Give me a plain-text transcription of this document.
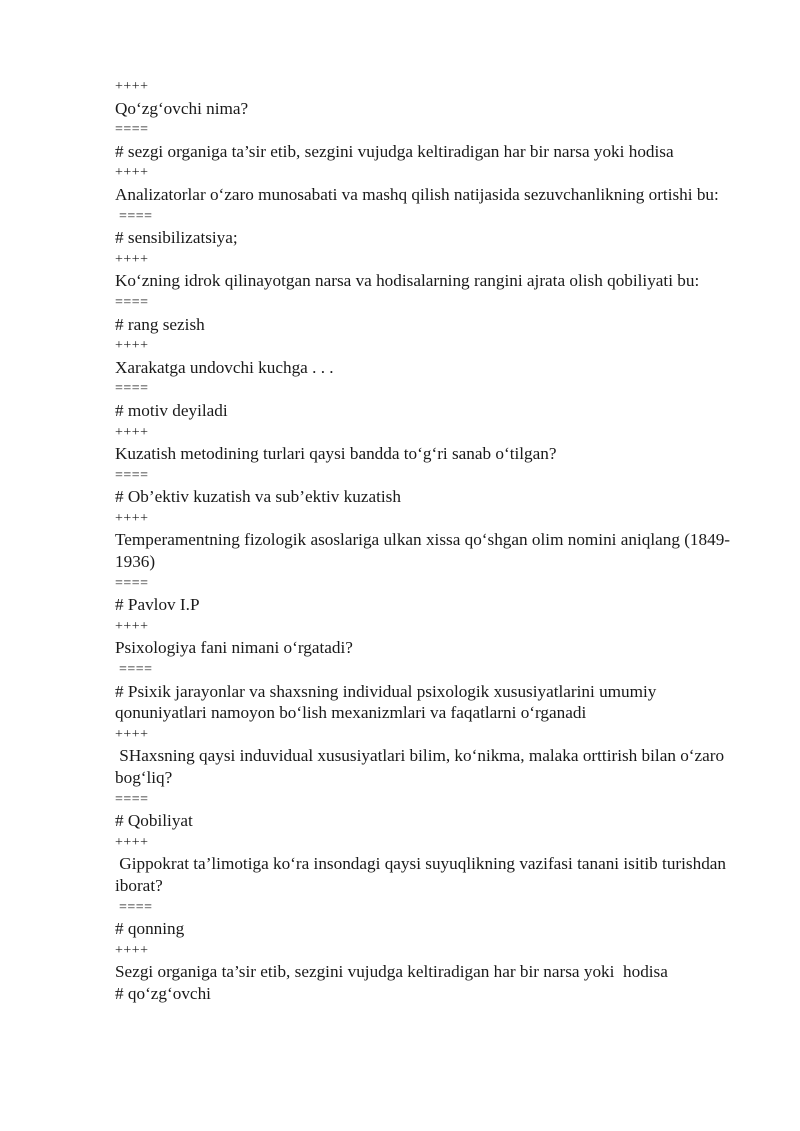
++++
Qo‘zg‘ovchi nima?
====
# sezgi organiga ta’sir etib, sezgini vujudga keltiradigan har bir narsa yoki hodisa
++++
Analizatorlar o‘zaro munosabati va mashq qilish natijasida sezuvchanlikning ortishi bu:
====
# sensibilizatsiya;
++++
Ko‘zning idrok qilinayotgan narsa va hodisalarning rangini ajrata olish qobiliyati bu:
====
# rang sezish
++++
Xarakatga undovchi kuchga . . .
====
# motiv deyiladi
++++
Kuzatish metodining turlari qaysi bandda to‘g‘ri sanab o‘tilgan?
====
# Ob’ektiv kuzatish va sub’ektiv kuzatish
++++
Temperamentning fizologik asoslariga ulkan xissa qo‘shgan olim nomini aniqlang (1849-1936)
====
# Pavlov I.P
++++
Psixologiya fani nimani o‘rgatadi?
====
# Psixik jarayonlar va shaxsning individual psixologik xususiyatlarini umumiy qonuniyatlari namoyon bo‘lish mexanizmlari va faqatlarni o‘rganadi
++++
SHaxsning qaysi induvidual xususiyatlari bilim, ko‘nikma, malaka orttirish bilan o‘zaro bog‘liq?
====
# Qobiliyat
++++
Gippokrat ta’limotiga ko‘ra insondagi qaysi suyuqlikning vazifasi tanani isitib turishdan iborat?
====
# qonning
++++
Sezgi organiga ta’sir etib, sezgini vujudga keltiradigan har bir narsa yoki  hodisa
# qo‘zg‘ovchi
